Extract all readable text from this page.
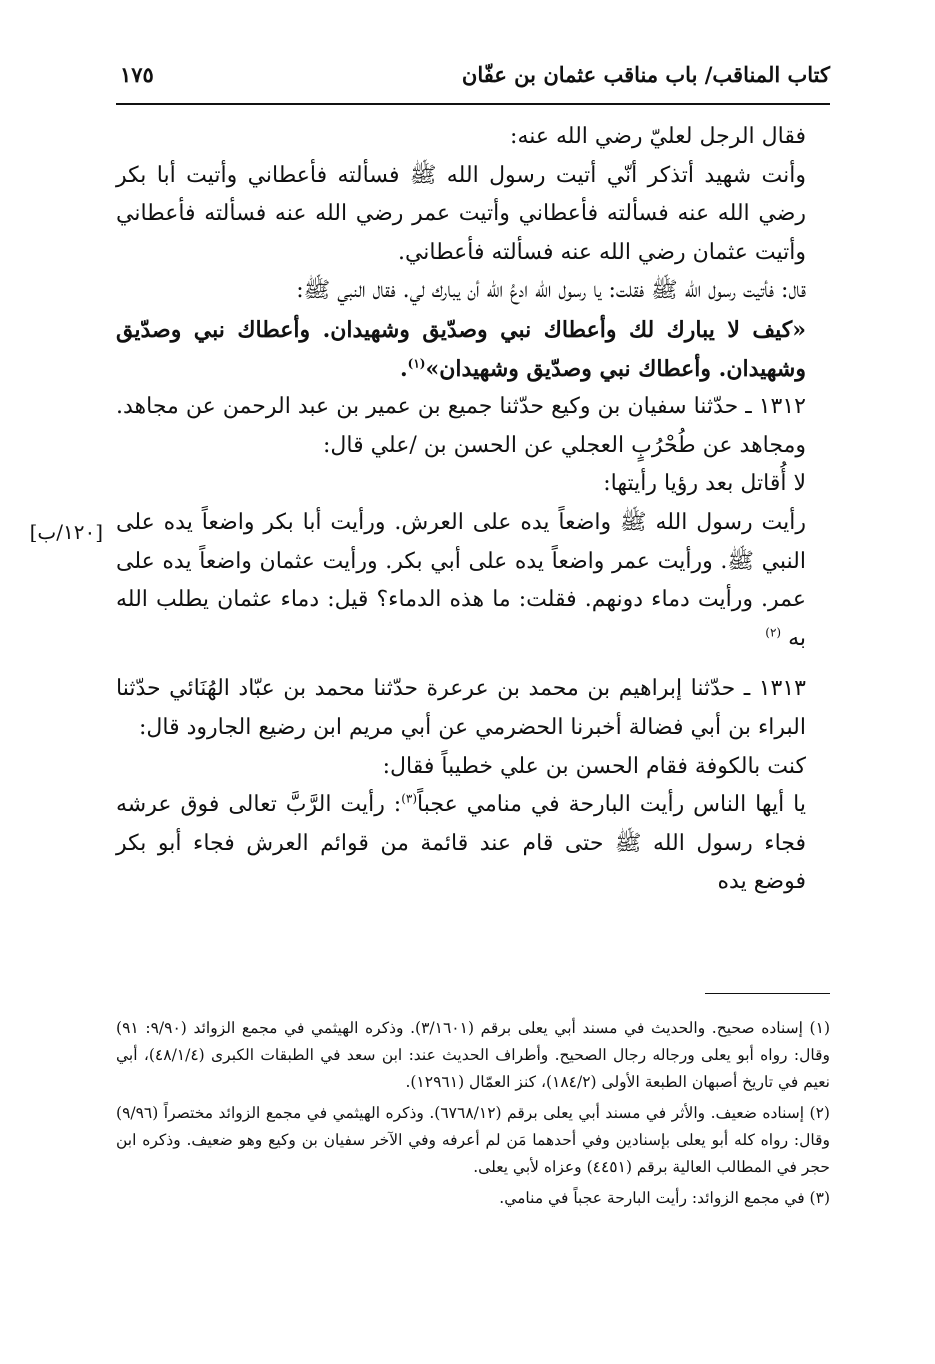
كتاب المناقب/ باب مناقب عثمان بن عفّان
١٧٥
[١٢٠/ب]

فقال الرجل لعليّ رضي الله عنه:

وأنت شهيد أتذكر أنّي أتيت رسول الله ﷺ فسألته فأعطاني وأتيت أبا بكر رضي الله عنه فسألته فأعطاني وأتيت عمر رضي الله عنه فسألته فأعطاني وأتيت عثمان رضي الله عنه فسألته فأعطاني.

قال: فأتيت رسول الله ﷺ فقلت: يا رسول الله ادعُ الله أن يبارك لي. فقال النبي ﷺ:

«كيف لا يبارك لك وأعطاك نبي وصدّيق وشهيدان. وأعطاك نبي وصدّيق وشهيدان. وأعطاك نبي وصدّيق وشهيدان»$^{(١)}$.

١٣١٢ ـ حدّثنا سفيان بن وكيع حدّثنا جميع بن عمير بن عبد الرحمن عن مجاهد. ومجاهد عن طُحْرُبٍ العجلي عن الحسن بن /علي قال:

لا أُقاتل بعد رؤيا رأيتها:

رأيت رسول الله ﷺ واضعاً يده على العرش. ورأيت أبا بكر واضعاً يده على النبي ﷺ. ورأيت عمر واضعاً يده على أبي بكر. ورأيت عثمان واضعاً يده على عمر. ورأيت دماء دونهم. فقلت: ما هذه الدماء؟ قيل: دماء عثمان يطلب الله به $^{(٢)}$

١٣١٣ ـ حدّثنا إبراهيم بن محمد بن عرعرة حدّثنا محمد بن عبّاد الهُنَائي حدّثنا البراء بن أبي فضالة أخبرنا الحضرمي عن أبي مريم ابن رضيع الجارود قال:

كنت بالكوفة فقام الحسن بن علي خطيباً فقال:

يا أيها الناس رأيت البارحة في منامي عجباً$^{(٣)}$: رأيت الرَّبَّ تعالى فوق عرشه فجاء رسول الله ﷺ حتى قام عند قائمة من قوائم العرش فجاء أبو بكر فوضع يده

(١) إسناده صحيح. والحديث في مسند أبي يعلى برقم (٣/١٦٠١). وذكره الهيثمي في مجمع الزوائد (٩/٩٠: ٩١) وقال: رواه أبو يعلى ورجاله رجال الصحيح. وأطراف الحديث عند: ابن سعد في الطبقات الكبرى (٤٨/١/٤)، أبي نعيم في تاريخ أصبهان الطبعة الأولى (١٨٤/٢)، كنز العمّال (١٢٩٦١).

(٢) إسناده ضعيف. والأثر في مسند أبي يعلى برقم (٦٧٦٨/١٢). وذكره الهيثمي في مجمع الزوائد مختصراً (٩/٩٦) وقال: رواه كله أبو يعلى بإسنادين وفي أحدهما مَن لم أعرفه وفي الآخر سفيان بن وكيع وهو ضعيف. وذكره ابن حجر في المطالب العالية برقم (٤٤٥١) وعزاه لأبي يعلى.

(٣) في مجمع الزوائد: رأيت البارحة عجباً في منامي.
